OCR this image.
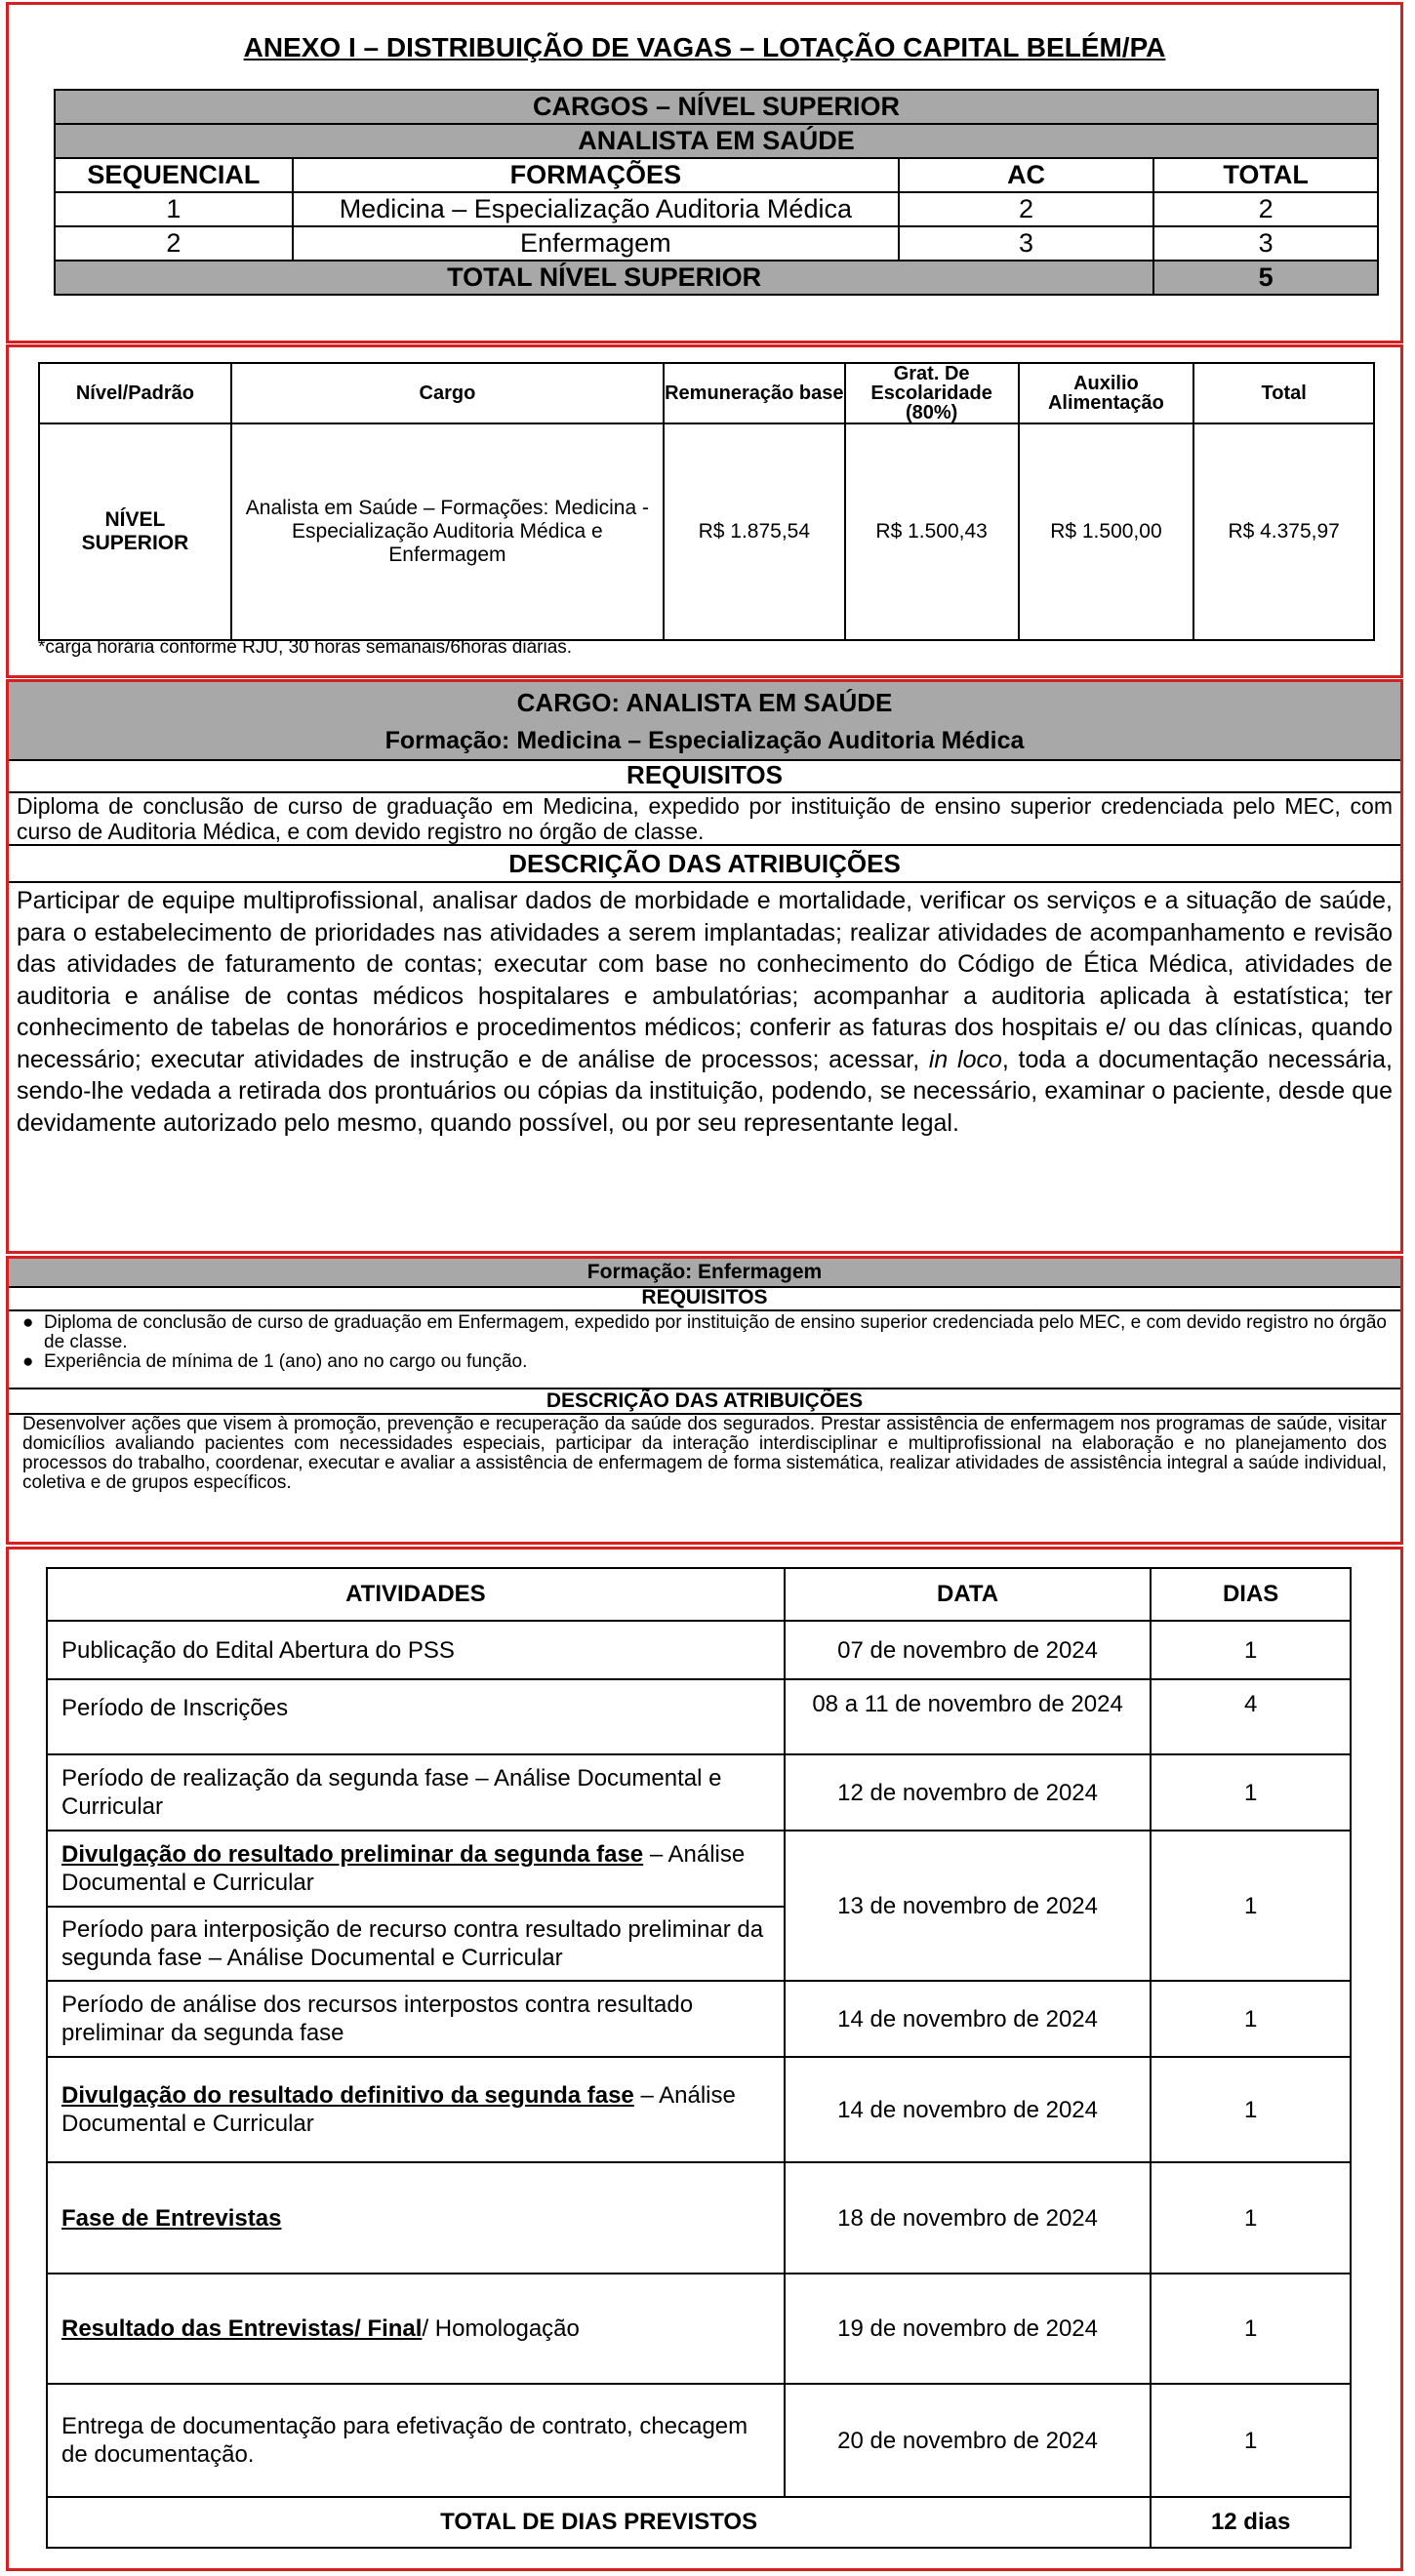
ANEXO I – DISTRIBUIÇÃO DE VAGAS – LOTAÇÃO CAPITAL BELÉM/PA
CARGOS – NÍVEL SUPERIOR			
ANALISTA EM SAÚDE			
SEQUENCIAL	FORMAÇÕES	AC	TOTAL
1	Medicina – Especialização Auditoria Médica	2	2
2	Enfermagem	3	3
TOTAL NÍVEL SUPERIOR			5
Nível/Padrão	Cargo	Remuneração base	Grat. De Escolaridade (80%)	Auxilio Alimentação	Total
NÍVEL SUPERIOR	Analista em Saúde – Formações: Medicina - Especialização Auditoria Médica e Enfermagem	R$ 1.875,54	R$ 1.500,43	R$ 1.500,00	R$ 4.375,97
*carga horária conforme RJU, 30 horas semanais/6horas diárias.
CARGO: ANALISTA EM SAÚDE
Formação: Medicina – Especialização Auditoria Médica
REQUISITOS
Diploma de conclusão de curso de graduação em Medicina, expedido por instituição de ensino superior credenciada pelo MEC, com curso de Auditoria Médica, e com devido registro no órgão de classe.
DESCRIÇÃO DAS ATRIBUIÇÕES
Participar de equipe multiprofissional, analisar dados de morbidade e mortalidade, verificar os serviços e a situação de saúde, para o estabelecimento de prioridades nas atividades a serem implantadas; realizar atividades de acompanhamento e revisão das atividades de faturamento de contas; executar com base no conhecimento do Código de Ética Médica, atividades de auditoria e análise de contas médicos hospitalares e ambulatórias; acompanhar a auditoria aplicada à estatística; ter conhecimento de tabelas de honorários e procedimentos médicos; conferir as faturas dos hospitais e/ ou das clínicas, quando necessário; executar atividades de instrução e de análise de processos; acessar, in loco, toda a documentação necessária, sendo-lhe vedada a retirada dos prontuários ou cópias da instituição, podendo, se necessário, examinar o paciente, desde que devidamente autorizado pelo mesmo, quando possível, ou por seu representante legal.
Formação: Enfermagem
REQUISITOS
● Diploma de conclusão de curso de graduação em Enfermagem, expedido por instituição de ensino superior credenciada pelo MEC, e com devido registro no órgão de classe.
● Experiência de mínima de 1 (ano) ano no cargo ou função.
DESCRIÇÃO DAS ATRIBUIÇÕES
Desenvolver ações que visem à promoção, prevenção e recuperação da saúde dos segurados. Prestar assistência de enfermagem nos programas de saúde, visitar domicílios avaliando pacientes com necessidades especiais, participar da interação interdisciplinar e multiprofissional na elaboração e no planejamento dos processos do trabalho, coordenar, executar e avaliar a assistência de enfermagem de forma sistemática, realizar atividades de assistência integral a saúde individual, coletiva e de grupos específicos.
ATIVIDADES	DATA	DIAS
Publicação do Edital Abertura do PSS	07 de novembro de 2024	1
Período de Inscrições	08 a 11 de novembro de 2024	4
Período de realização da segunda fase – Análise Documental e Curricular	12 de novembro de 2024	1
Divulgação do resultado preliminar da segunda fase – Análise Documental e Curricular	13 de novembro de 2024	1
Período para interposição de recurso contra resultado preliminar da segunda fase – Análise Documental e Curricular		
Período de análise dos recursos interpostos contra resultado preliminar da segunda fase	14 de novembro de 2024	1
Divulgação do resultado definitivo da segunda fase – Análise Documental e Curricular	14 de novembro de 2024	1
Fase de Entrevistas	18 de novembro de 2024	1
Resultado das Entrevistas/ Final/ Homologação	19 de novembro de 2024	1
Entrega de documentação para efetivação de contrato, checagem de documentação.	20 de novembro de 2024	1
TOTAL DE DIAS PREVISTOS		12 dias
